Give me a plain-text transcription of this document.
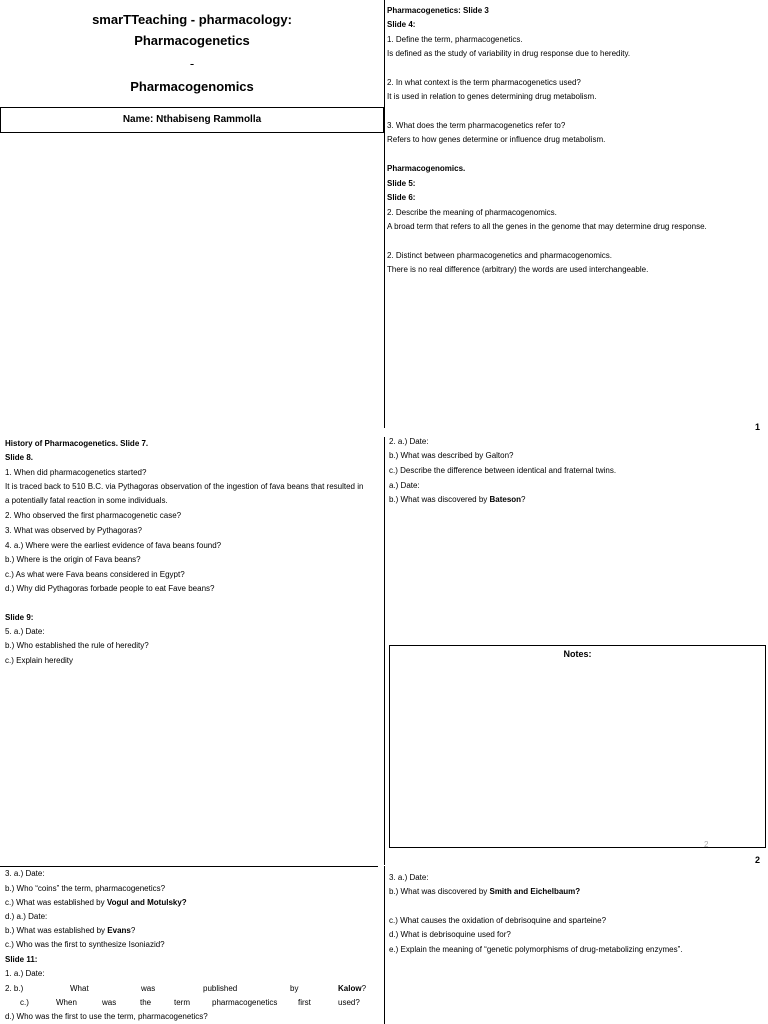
smarTTeaching - pharmacology:
Pharmacogenetics
-
Pharmacogenomics
Name: Nthabiseng Rammolla
Pharmacogenetics: Slide 3
Slide 4:
1. Define the term, pharmacogenetics.
Is defined as the study of variability in drug response due to heredity.
2. In what context is the term pharmacogenetics used?
It is used in relation to genes determining drug metabolism.
3. What does the term pharmacogenetics refer to?
Refers to how genes determine or influence drug metabolism.
Pharmacogenomics.
Slide 5:
Slide 6:
2. Describe the meaning of pharmacogenomics.
A broad term that refers to all the genes in the genome that may determine drug response.
2. Distinct between pharmacogenetics and pharmacogenomics.
There is no real difference (arbitrary) the words are used interchangeable.
1
History of Pharmacogenetics. Slide 7.
Slide 8.
1. When did pharmacogenetics started?
It is traced back to 510 B.C. via Pythagoras observation of the ingestion of fava beans that resulted in
a potentially fatal reaction in some individuals.
2. Who observed the first pharmacogenetic case?
3. What was observed by Pythagoras?
4. a.) Where were the earliest evidence of fava beans found?
b.) Where is the origin of Fava beans?
c.) As what were Fava beans considered in Egypt?
d.) Why did Pythagoras forbade people to eat Fave beans?
Slide 9:
5. a.) Date:
b.) Who established the rule of heredity?
c.) Explain heredity
2. a.) Date:
b.) What was described by Galton?
c.) Describe the difference between identical and fraternal twins.
a.) Date:
b.) What was discovered by Bateson?
Notes:
2
2
3. a.) Date:
b.) Who “coins” the term, pharmacogenetics?
c.) What was established by Vogul and Motulsky?
d.) a.) Date:
b.) What was established by Evans?
c.) Who was the first to synthesize Isoniazid?
Slide 11:
1. a.) Date:
2. b.)	What	was	published	by	Kalow?
c.)	When	was	the	term	pharmacogenetics	first	used?
d.) Who was the first to use the term, pharmacogenetics?
3. a.) Date:
b.) What was discovered by Smith and Eichelbaum?
c.) What causes the oxidation of debrisoquine and sparteine?
d.) What is debrisoquine used for?
e.) Explain the meaning of “genetic polymorphisms of drug-metabolizing enzymes”.
